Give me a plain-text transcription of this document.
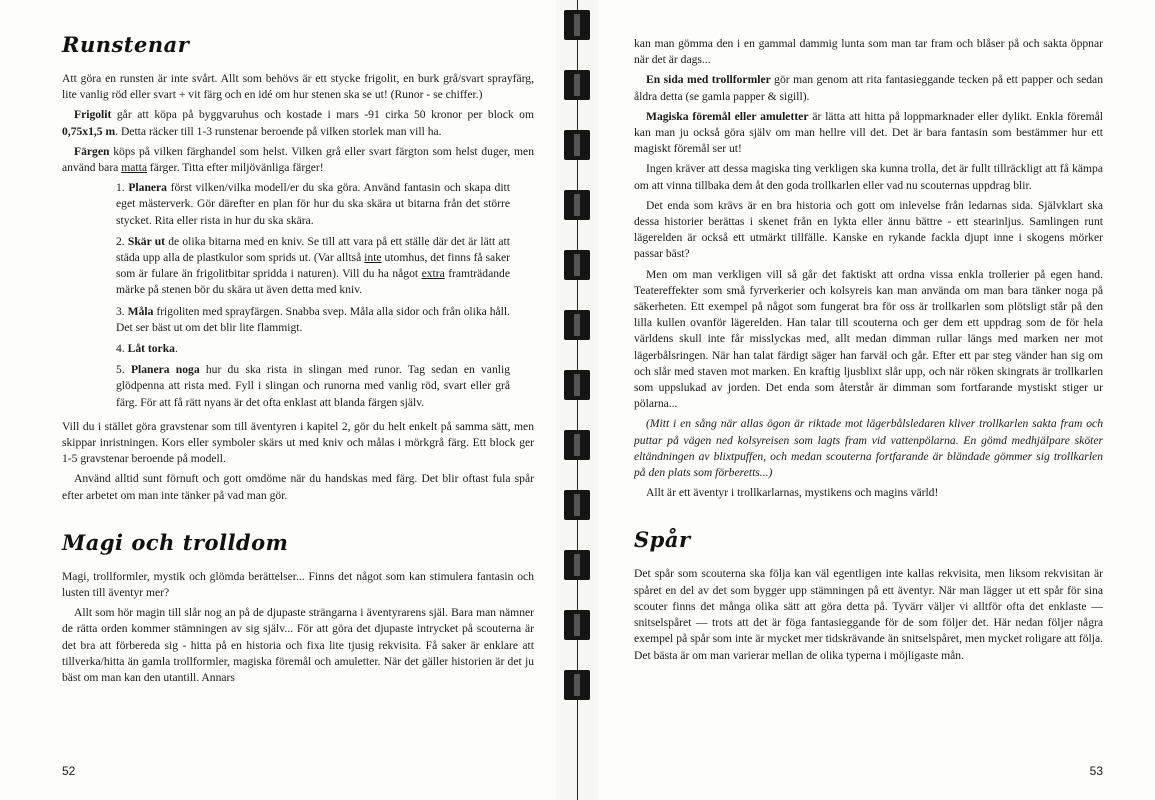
Runstenar

Att göra en runsten är inte svårt. Allt som behövs är ett stycke frigolit, en burk grå/svart sprayfärg, lite vanlig röd eller svart + vit färg och en idé om hur stenen ska se ut! (Runor - se chiffer.)

Frigolit går att köpa på byggvaruhus och kostade i mars -91 cirka 50 kronor per block om 0,75x1,5 m. Detta räcker till 1-3 runstenar beroende på vilken storlek man vill ha.

Färgen köps på vilken färghandel som helst. Vilken grå eller svart färgton som helst duger, men använd bara matta färger. Titta efter miljövänliga färger!

1. Planera först vilken/vilka modell/er du ska göra. Använd fantasin och skapa ditt eget mästerverk. Gör därefter en plan för hur du ska skära ut bitarna från det större stycket. Rita eller rista in hur du ska skära.
2. Skär ut de olika bitarna med en kniv. Se till att vara på ett ställe där det är lätt att städa upp alla de plastkulor som sprids ut. (Var alltså inte utomhus, det finns få saker som är fulare än frigolitbitar spridda i naturen). Vill du ha något extra framträdande märke på stenen bör du skära ut även detta med kniv.
3. Måla frigoliten med sprayfärgen. Snabba svep. Måla alla sidor och från olika håll. Det ser bäst ut om det blir lite flammigt.
4. Låt torka.
5. Planera noga hur du ska rista in slingan med runor. Tag sedan en vanlig glödpenna att rista med. Fyll i slingan och runorna med vanlig röd, svart eller grå färg. För att få rätt nyans är det ofta enklast att blanda färgen själv.

Vill du i stället göra gravstenar som till äventyren i kapitel 2, gör du helt enkelt på samma sätt, men skippar inristningen. Kors eller symboler skärs ut med kniv och målas i mörkgrå färg. Ett block ger 1-5 gravstenar beroende på modell.

Använd alltid sunt förnuft och gott omdöme när du handskas med färg. Det blir oftast fula spår efter arbetet om man inte tänker på vad man gör.

Magi och trolldom

Magi, trollformler, mystik och glömda berättelser... Finns det något som kan stimulera fantasin och lusten till äventyr mer?

Allt som hör magin till slår nog an på de djupaste strängarna i äventyrarens själ. Bara man nämner de rätta orden kommer stämningen av sig själv... För att göra det djupaste intrycket på scouterna är det bra att förbereda sig - hitta på en historia och fixa lite tjusig rekvisita. Få saker är enklare att tillverka/hitta än gamla trollformler, magiska föremål och amuletter. När det gäller historien är det ju bäst om man kan den utantill. Annars

52

kan man gömma den i en gammal dammig lunta som man tar fram och blåser på och sakta öppnar när det är dags...

En sida med trollformler gör man genom att rita fantasieggande tecken på ett papper och sedan åldra detta (se gamla papper & sigill).

Magiska föremål eller amuletter är lätta att hitta på loppmarknader eller dylikt. Enkla föremål kan man ju också göra själv om man hellre vill det. Det är bara fantasin som bestämmer hur ett magiskt föremål ser ut!

Ingen kräver att dessa magiska ting verkligen ska kunna trolla, det är fullt tillräckligt att få kämpa om att vinna tillbaka dem åt den goda trollkarlen eller vad nu scouternas uppdrag blir.

Det enda som krävs är en bra historia och gott om inlevelse från ledarnas sida. Självklart ska dessa historier berättas i skenet från en lykta eller ännu bättre - ett stearinljus. Samlingen runt lägerelden är också ett utmärkt tillfälle. Kanske en rykande fackla djupt inne i skogens mörker passar bäst?

Men om man verkligen vill så går det faktiskt att ordna vissa enkla trollerier på egen hand. Teatereffekter som små fyrverkerier och kolsyreis kan man använda om man bara tänker noga på säkerheten. Ett exempel på något som fungerat bra för oss är trollkarlen som plötsligt står på den lilla kullen ovanför lägerelden. Han talar till scouterna och ger dem ett uppdrag som de för hela världens skull inte får misslyckas med, allt medan dimman rullar längs med marken ner mot lägerbålsringen. När han talat färdigt säger han farväl och går. Efter ett par steg vänder han sig om och slår med staven mot marken. En kraftig ljusblixt slår upp, och när röken skingrats är trollkarlen som uppslukad av jorden. Det enda som återstår är dimman som fortfarande mystiskt stiger ur pölarna...

(Mitt i en sång när allas ögon är riktade mot lägerbålsledaren kliver trollkarlen sakta fram och puttar på vägen ned kolsyreisen som lagts fram vid vattenpölarna. En gömd medhjälpare sköter eltändningen av blixtpuffen, och medan scouterna fortfarande är bländade gömmer sig trollkarlen på den plats som förberetts...)

Allt är ett äventyr i trollkarlarnas, mystikens och magins värld!

Spår

Det spår som scouterna ska följa kan väl egentligen inte kallas rekvisita, men liksom rekvisitan är spåret en del av det som bygger upp stämningen på ett äventyr. När man lägger ut ett spår för sina scouter finns det många olika sätt att göra detta på. Tyvärr väljer vi alltför ofta det enklaste — snitselspåret — trots att det är föga fantasieggande för de som följer det. Här nedan följer några exempel på spår som inte är mycket mer tidskrävande än snitselspåret, men mycket roligare att följa. Det bästa är om man varierar mellan de olika typerna i möjligaste mån.

53
